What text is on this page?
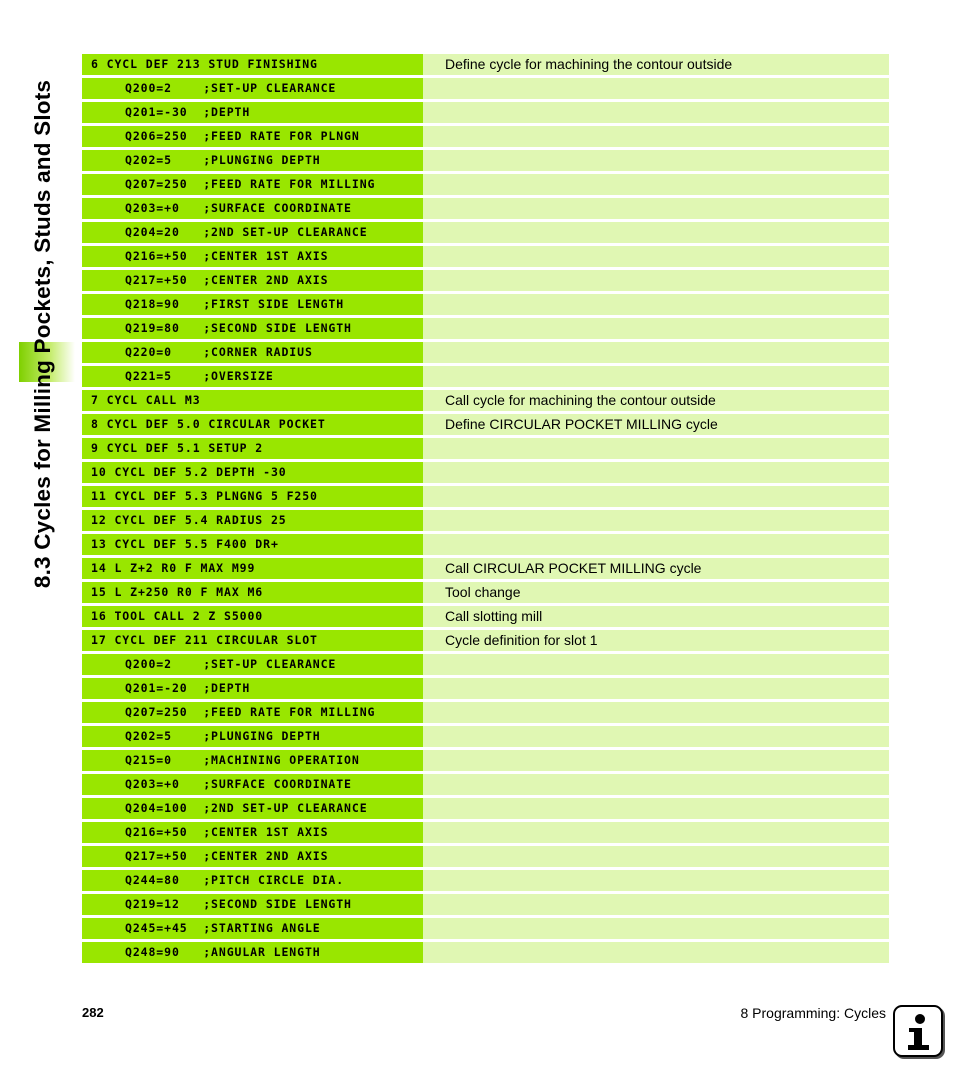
8.3 Cycles for Milling Pockets, Studs and Slots
6 CYCL DEF 213 STUD FINISHING	Define cycle for machining the contour outside
Q200=2    ;SET-UP CLEARANCE
Q201=-30  ;DEPTH
Q206=250  ;FEED RATE FOR PLNGN
Q202=5    ;PLUNGING DEPTH
Q207=250  ;FEED RATE FOR MILLING
Q203=+0   ;SURFACE COORDINATE
Q204=20   ;2ND SET-UP CLEARANCE
Q216=+50  ;CENTER 1ST AXIS
Q217=+50  ;CENTER 2ND AXIS
Q218=90   ;FIRST SIDE LENGTH
Q219=80   ;SECOND SIDE LENGTH
Q220=0    ;CORNER RADIUS
Q221=5    ;OVERSIZE
7 CYCL CALL M3	Call cycle for machining the contour outside
8 CYCL DEF 5.0 CIRCULAR POCKET	Define CIRCULAR POCKET MILLING cycle
9 CYCL DEF 5.1 SETUP 2
10 CYCL DEF 5.2 DEPTH -30
11 CYCL DEF 5.3 PLNGNG 5 F250
12 CYCL DEF 5.4 RADIUS 25
13 CYCL DEF 5.5 F400 DR+
14 L Z+2 R0 F MAX M99	Call CIRCULAR POCKET MILLING cycle
15 L Z+250 R0 F MAX M6	Tool change
16 TOOL CALL 2 Z S5000	Call slotting mill
17 CYCL DEF 211 CIRCULAR SLOT	Cycle definition for slot 1
Q200=2    ;SET-UP CLEARANCE
Q201=-20  ;DEPTH
Q207=250  ;FEED RATE FOR MILLING
Q202=5    ;PLUNGING DEPTH
Q215=0    ;MACHINING OPERATION
Q203=+0   ;SURFACE COORDINATE
Q204=100  ;2ND SET-UP CLEARANCE
Q216=+50  ;CENTER 1ST AXIS
Q217=+50  ;CENTER 2ND AXIS
Q244=80   ;PITCH CIRCLE DIA.
Q219=12   ;SECOND SIDE LENGTH
Q245=+45  ;STARTING ANGLE
Q248=90   ;ANGULAR LENGTH
282	8 Programming: Cycles
